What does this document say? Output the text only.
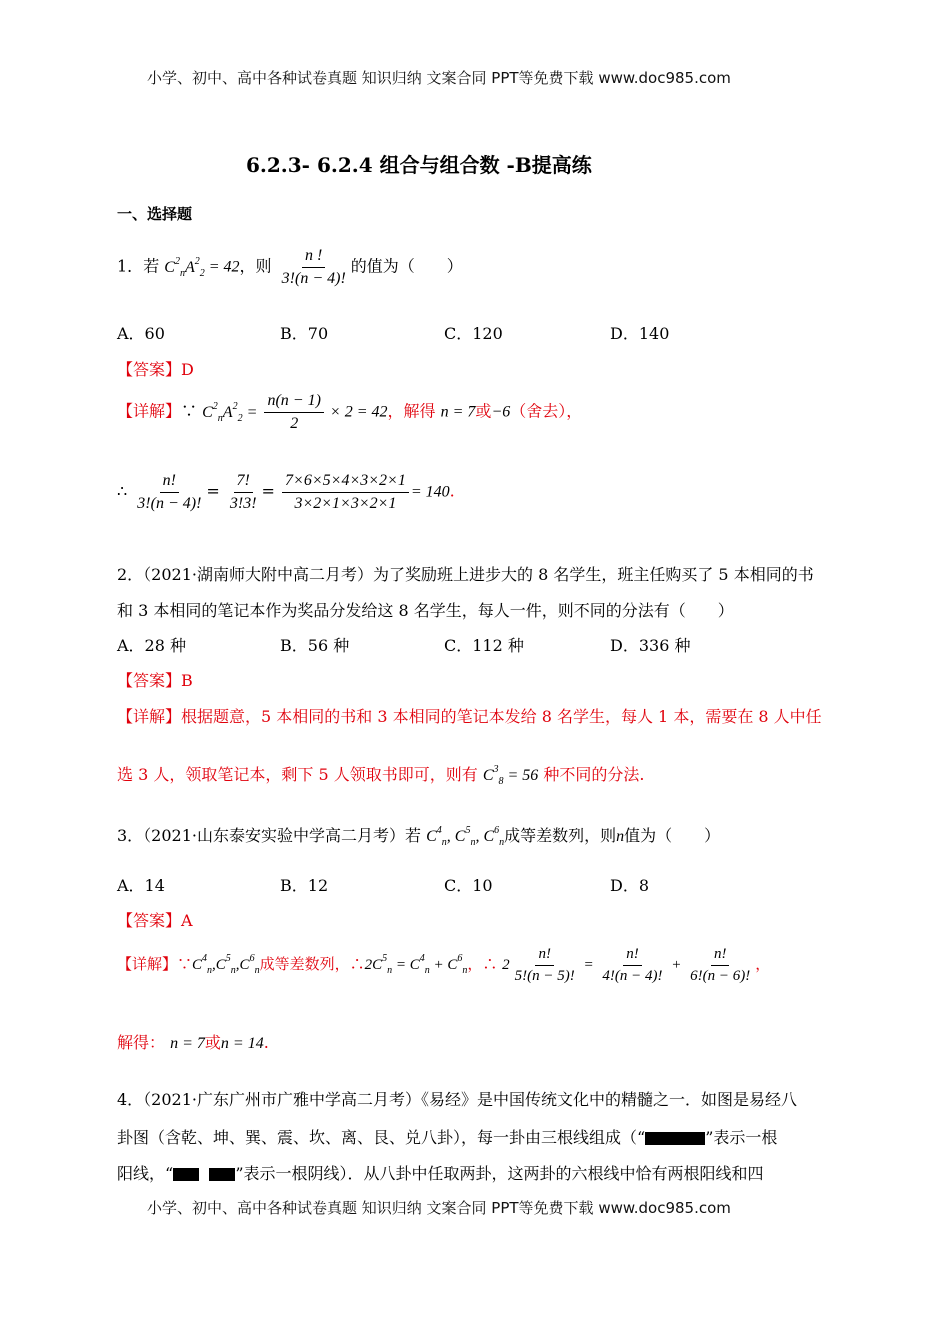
小学、初中、高中各种试卷真题 知识归纳 文案合同 PPT等免费下载 www.doc985.com
6.2.3- 6.2.4 组合与组合数 -B提高练
一、选择题
1．若 $C^2_nA^2_2 = 42$，则 $\frac{n !}{3!(n - 4)!}$ 的值为（　　）
A．60	B．70	C．120	D．140
【答案】D
【详解】∵ $C^2_nA^2_2 = \frac{n(n - 1)}{2} \times 2 = 42$，解得 n = 7或−6（舍去），
∴ $\frac{n!}{3!(n - 4)!} = \frac{7!}{3!3!} = \frac{7\times 6\times 5\times 4\times 3\times 2\times 1}{3\times 2\times 1\times 3\times 2\times 1} = 140$.
2．（2021·湖南师大附中高二月考）为了奖励班上进步大的 8 名学生，班主任购买了 5 本相同的书
和 3 本相同的笔记本作为奖品分发给这 8 名学生，每人一件，则不同的分法有（　　）
A．28 种	B．56 种	C．112 种	D．336 种
【答案】B
【详解】根据题意，5 本相同的书和 3 本相同的笔记本发给 8 名学生，每人 1 本，需要在 8 人中任
选 3 人，领取笔记本，剩下 5 人领取书即可，则有 $C^3_8 = 56$ 种不同的分法.
3．（2021·山东泰安实验中学高二月考）若 $C^4_n$, $C^5_n$, $C^6_n$成等差数列，则n值为（　　）
A．14	B．12	C．10	D．8
【答案】A
【详解】$\because C^4_n,C^5_n,C^6_n$成等差数列，$\therefore 2C^5_n = C^4_n + C^6_n$，∴ $2 \frac{n!}{5!(n - 5)!} = \frac{n!}{4!(n - 4)!} + \frac{n!}{6!(n - 6)!}$ ，
解得： n = 7或n = 14.
4．（2021·广东广州市广雅中学高二月考）《易经》是中国传统文化中的精髓之一．如图是易经八
卦图（含乾、坤、巽、震、坎、离、艮、兑八卦），每一卦由三根线组成（“	”表示一根
阳线，“	”表示一根阴线）．从八卦中任取两卦，这两卦的六根线中恰有两根阳线和四
小学、初中、高中各种试卷真题 知识归纳 文案合同 PPT等免费下载 www.doc985.com
